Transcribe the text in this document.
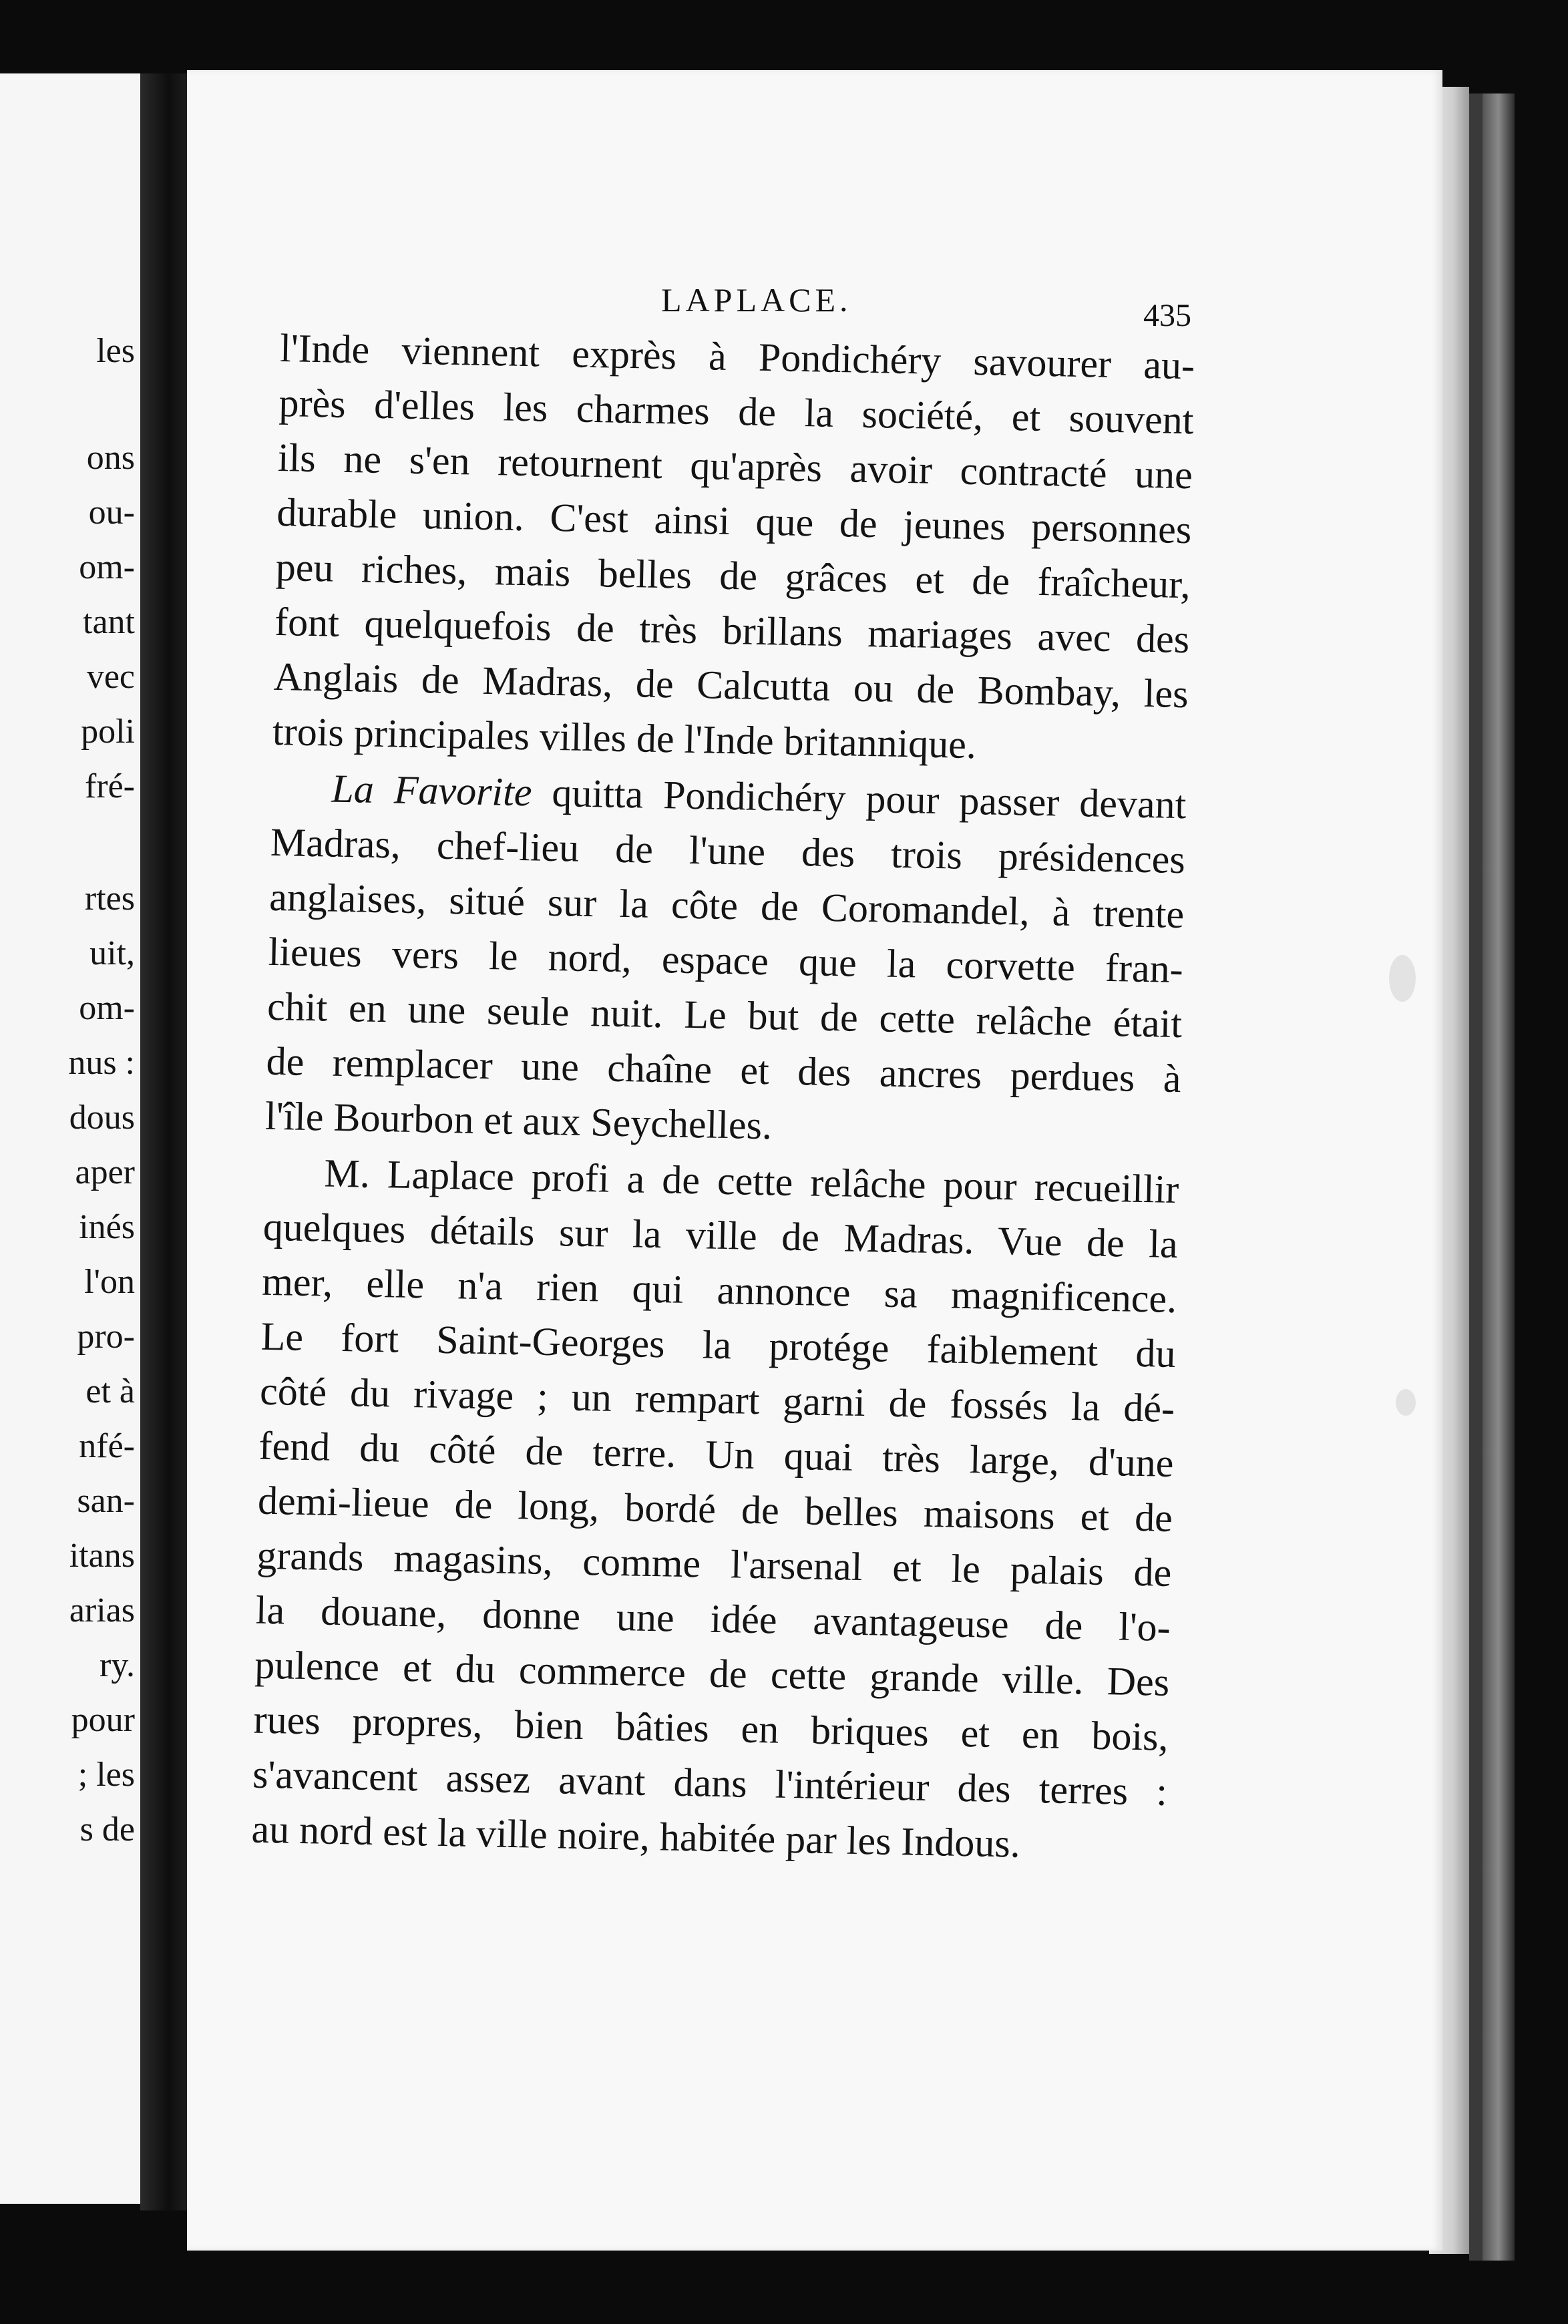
les
ons
ou-
om-
tant
vec
poli
fré-
rtes
uit,
om-
nus :
dous
aper
inés
l'on
pro-
et à
nfé-
san-
itans
arias
ry.
pour
; les
s de
LAPLACE.	435
l'Inde viennent exprès à Pondichéry savourer au-
près d'elles les charmes de la société, et souvent
ils ne s'en retournent qu'après avoir contracté une
durable union. C'est ainsi que de jeunes personnes
peu riches, mais belles de grâces et de fraîcheur,
font quelquefois de très brillans mariages avec des
Anglais de Madras, de Calcutta ou de Bombay, les
trois principales villes de l'Inde britannique.
La Favorite quitta Pondichéry pour passer devant
Madras, chef-lieu de l'une des trois présidences
anglaises, situé sur la côte de Coromandel, à trente
lieues vers le nord, espace que la corvette fran-
chit en une seule nuit. Le but de cette relâche était
de remplacer une chaîne et des ancres perdues à
l'île Bourbon et aux Seychelles.
M. Laplace profi a de cette relâche pour recueillir
quelques détails sur la ville de Madras. Vue de la
mer, elle n'a rien qui annonce sa magnificence.
Le fort Saint-Georges la protége faiblement du
côté du rivage ; un rempart garni de fossés la dé-
fend du côté de terre. Un quai très large, d'une
demi-lieue de long, bordé de belles maisons et de
grands magasins, comme l'arsenal et le palais de
la douane, donne une idée avantageuse de l'o-
pulence et du commerce de cette grande ville. Des
rues propres, bien bâties en briques et en bois,
s'avancent assez avant dans l'intérieur des terres :
au nord est la ville noire, habitée par les Indous.
